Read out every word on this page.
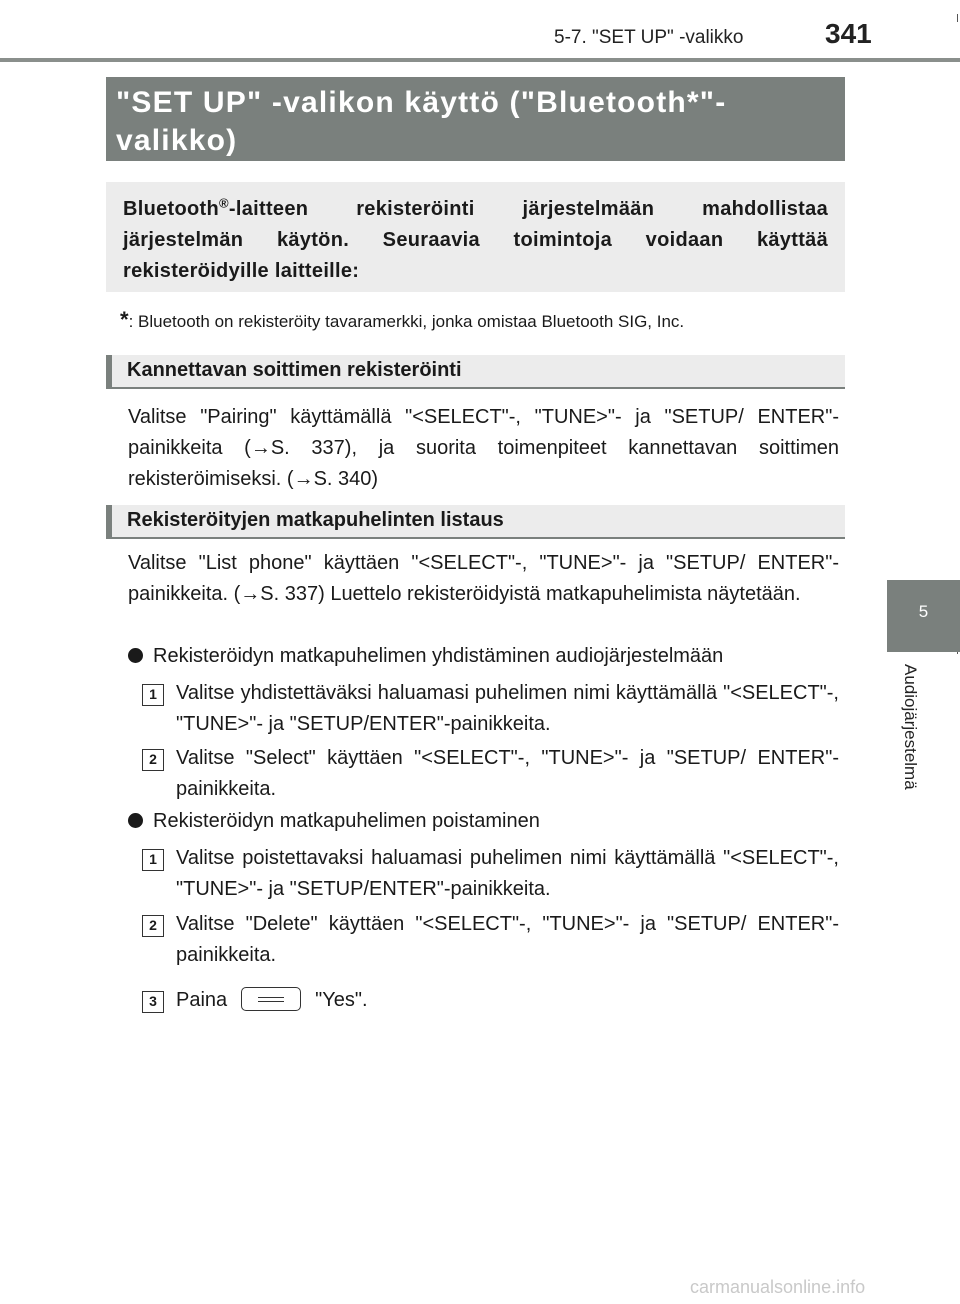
5-7. "SET UP" -valikko	341
5
Audiojärjestelmä
"SET UP" -valikon käyttö ("Bluetooth*"-
valikko)

Bluetooth®-laitteen rekisteröinti järjestelmään mahdollistaa järjestelmän käytön. Seuraavia toimintoja voidaan käyttää rekisteröidyille laitteille:

*: Bluetooth on rekisteröity tavaramerkki, jonka omistaa Bluetooth SIG, Inc.
Kannettavan soittimen rekisteröinti
Valitse "Pairing" käyttämällä "<SELECT"-, "TUNE>"- ja "SETUP/ ENTER"-painikkeita (→S. 337), ja suorita toimenpiteet kannettavan soittimen rekisteröimiseksi. (→S. 340)
Rekisteröityjen matkapuhelinten listaus
Valitse "List phone" käyttäen "<SELECT"-, "TUNE>"- ja "SETUP/ ENTER"-painikkeita. (→S. 337) Luettelo rekisteröidyistä matkapuhelimista näytetään.
Rekisteröidyn matkapuhelimen yhdistäminen audiojärjestelmään
1 Valitse yhdistettäväksi haluamasi puhelimen nimi käyttämällä "<SELECT"-, "TUNE>"- ja "SETUP/ENTER"-painikkeita.
2 Valitse "Select" käyttäen "<SELECT"-, "TUNE>"- ja "SETUP/ ENTER"-painikkeita.
Rekisteröidyn matkapuhelimen poistaminen
1 Valitse poistettavaksi haluamasi puhelimen nimi käyttämällä "<SELECT"-, "TUNE>"- ja "SETUP/ENTER"-painikkeita.
2 Valitse "Delete" käyttäen "<SELECT"-, "TUNE>"- ja "SETUP/ ENTER"-painikkeita.
3 Paina	"Yes".
carmanualsonline.info
